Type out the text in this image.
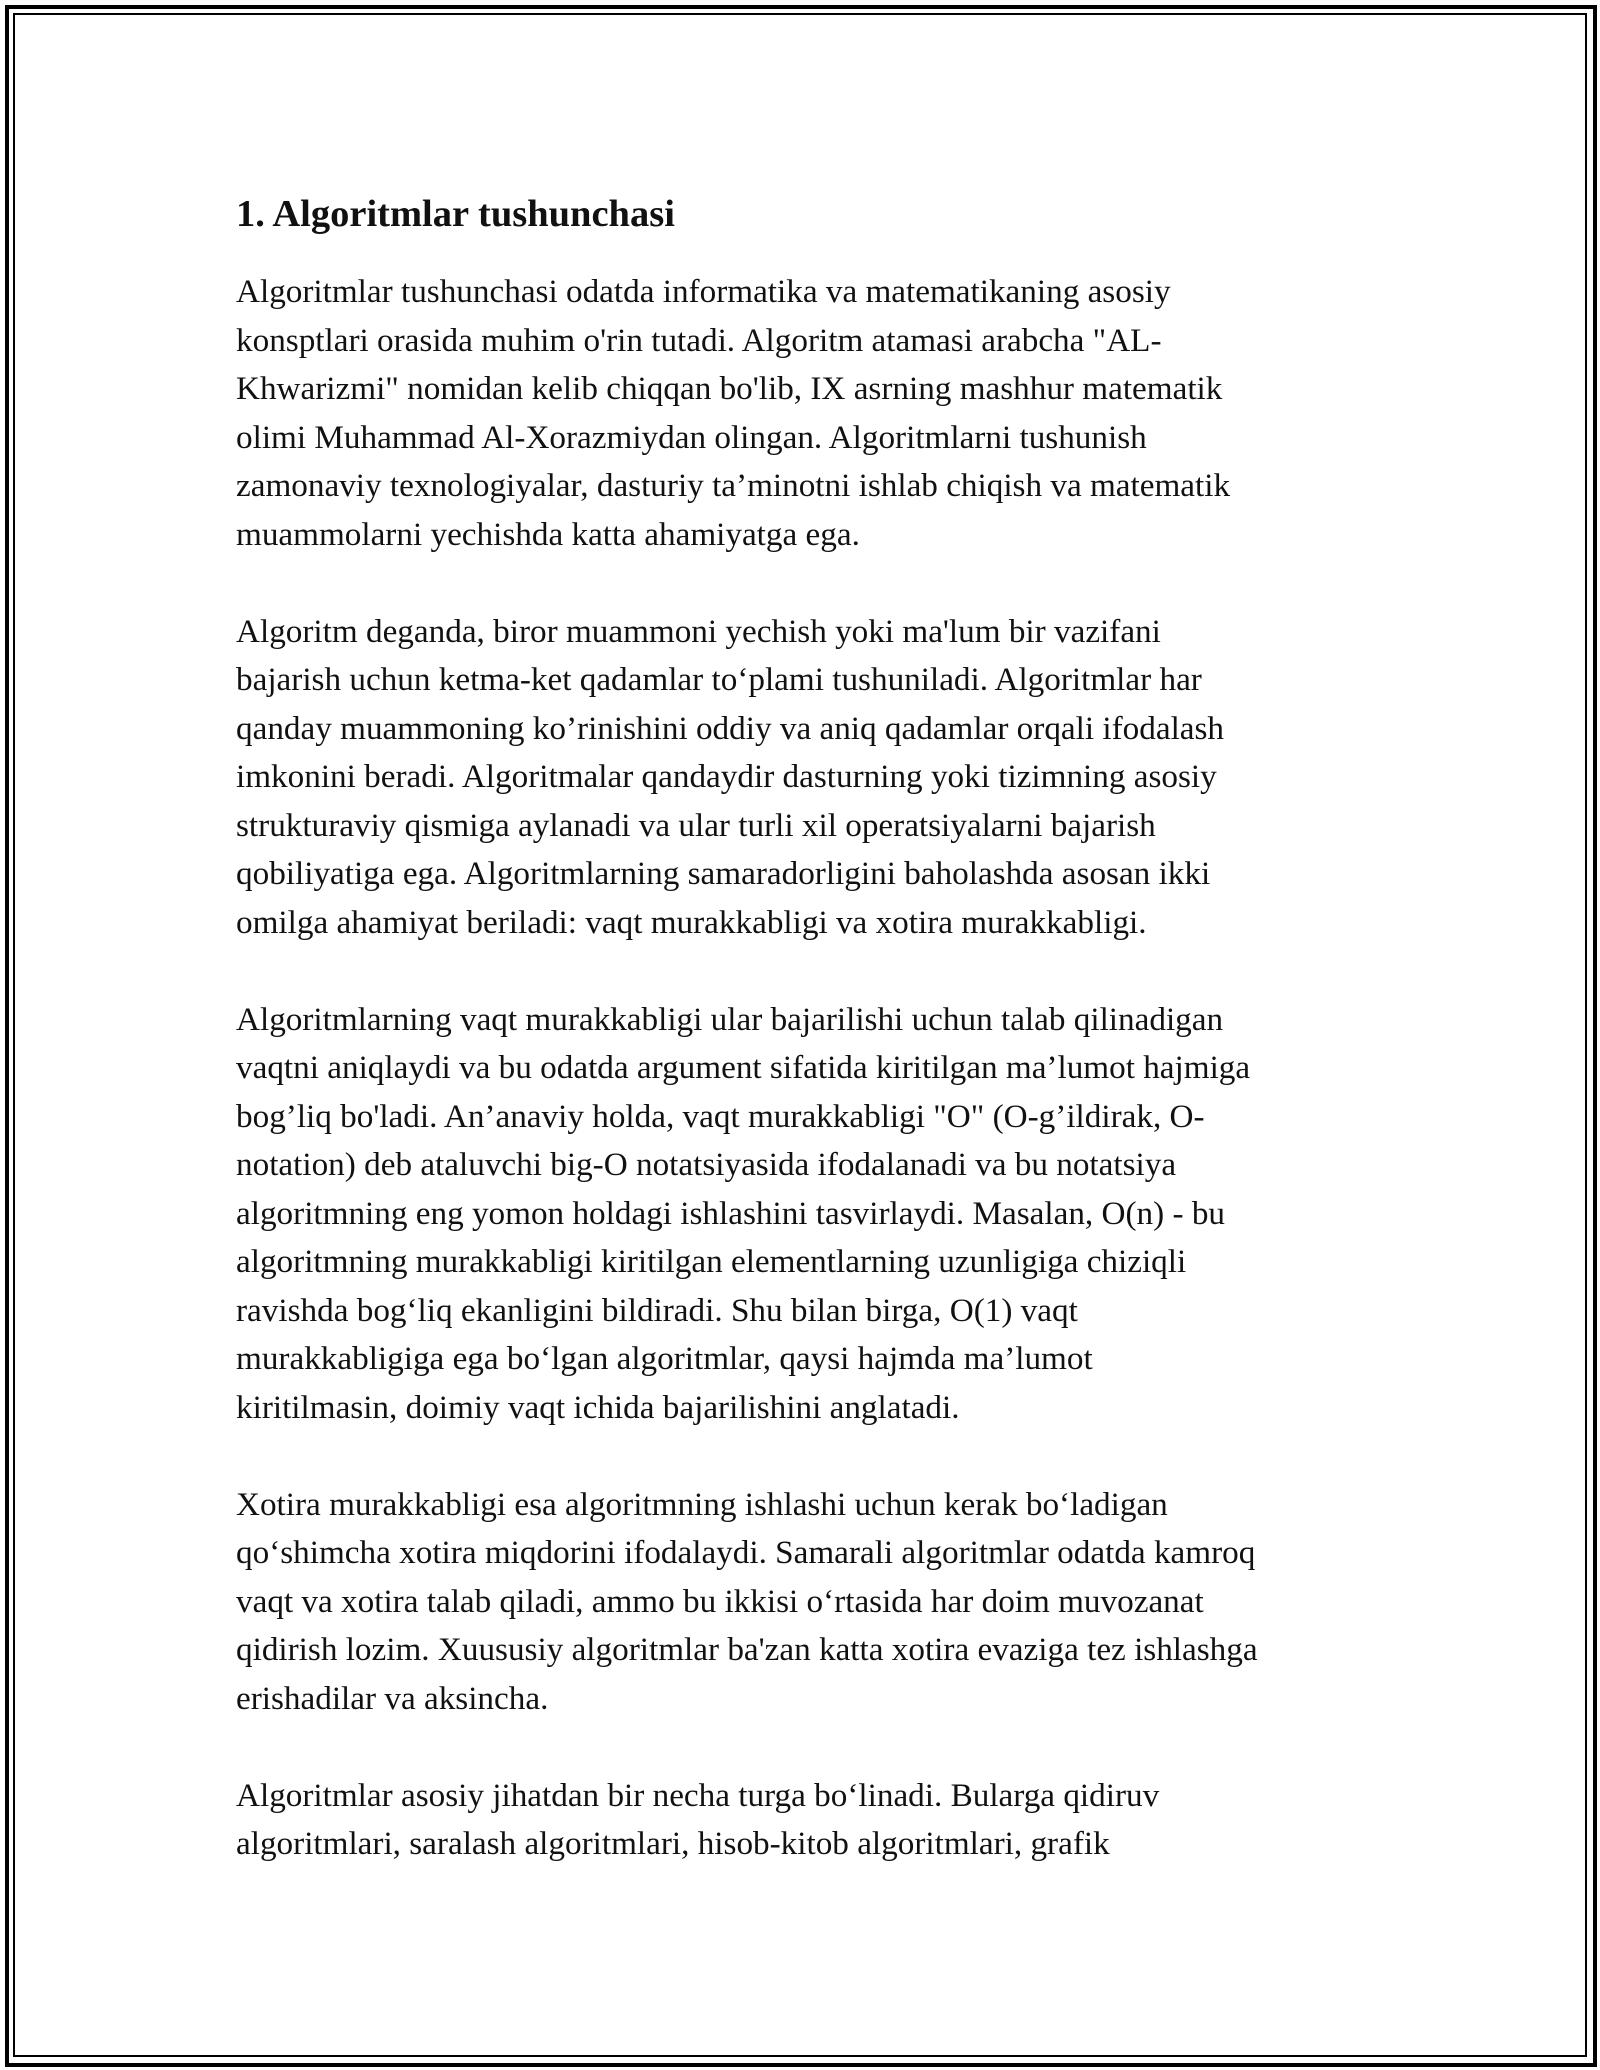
1. Algoritmlar tushunchasi

Algoritmlar tushunchasi odatda informatika va matematikaning asosiy
konsptlari orasida muhim o'rin tutadi. Algoritm atamasi arabcha "AL-
Khwarizmi" nomidan kelib chiqqan bo'lib, IX asrning mashhur matematik
olimi Muhammad Al-Xorazmiydan olingan. Algoritmlarni tushunish
zamonaviy texnologiyalar, dasturiy ta’minotni ishlab chiqish va matematik
muammolarni yechishda katta ahamiyatga ega.

Algoritm deganda, biror muammoni yechish yoki ma'lum bir vazifani
bajarish uchun ketma-ket qadamlar to‘plami tushuniladi. Algoritmlar har
qanday muammoning ko’rinishini oddiy va aniq qadamlar orqali ifodalash
imkonini beradi. Algoritmalar qandaydir dasturning yoki tizimning asosiy
strukturaviy qismiga aylanadi va ular turli xil operatsiyalarni bajarish
qobiliyatiga ega. Algoritmlarning samaradorligini baholashda asosan ikki
omilga ahamiyat beriladi: vaqt murakkabligi va xotira murakkabligi.

Algoritmlarning vaqt murakkabligi ular bajarilishi uchun talab qilinadigan
vaqtni aniqlaydi va bu odatda argument sifatida kiritilgan ma’lumot hajmiga
bog’liq bo'ladi. An’anaviy holda, vaqt murakkabligi "O" (O-g’ildirak, O-
notation) deb ataluvchi big-O notatsiyasida ifodalanadi va bu notatsiya
algoritmning eng yomon holdagi ishlashini tasvirlaydi. Masalan, O(n) - bu
algoritmning murakkabligi kiritilgan elementlarning uzunligiga chiziqli
ravishda bog‘liq ekanligini bildiradi. Shu bilan birga, O(1) vaqt
murakkabligiga ega bo‘lgan algoritmlar, qaysi hajmda ma’lumot
kiritilmasin, doimiy vaqt ichida bajarilishini anglatadi.

Xotira murakkabligi esa algoritmning ishlashi uchun kerak bo‘ladigan
qo‘shimcha xotira miqdorini ifodalaydi. Samarali algoritmlar odatda kamroq
vaqt va xotira talab qiladi, ammo bu ikkisi o‘rtasida har doim muvozanat
qidirish lozim. Xuususiy algoritmlar ba'zan katta xotira evaziga tez ishlashga
erishadilar va aksincha.

Algoritmlar asosiy jihatdan bir necha turga bo‘linadi. Bularga qidiruv
algoritmlari, saralash algoritmlari, hisob-kitob algoritmlari, grafik
